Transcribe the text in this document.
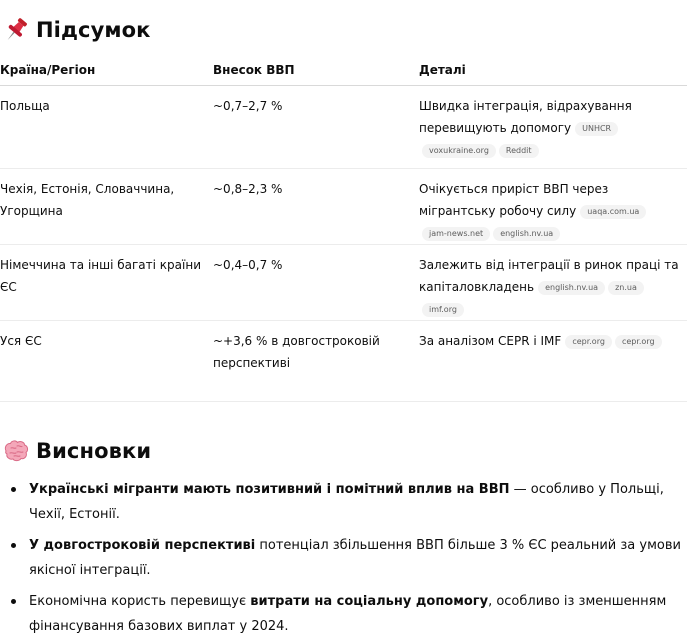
Підсумок
Країна/Регіон	Внесок ВВП	Деталі
Польща	~0,7–2,7 %	Швидка інтеграція, відрахування перевищують допомогу UNHCRvoxukraine.org Reddit
Чехія, Естонія, Словаччина, Угорщина	~0,8–2,3 %	Очікується приріст ВВП через мігрантську робочу силу uaqa.com.uajam-news.net english.nv.ua
Німеччина та інші багаті країни ЄС	~0,4–0,7 %	Залежить від інтеграції в ринок праці та капіталовкладень english.nv.ua zn.uaimf.org
Уся ЄС	~+3,6 % в довгостроковій перспективі	За аналізом CEPR і IMF cepr.org cepr.org
Висновки
Українські мігранти мають позитивний і помітний вплив на ВВП — особливо у Польщі, Чехії, Естонії.
У довгостроковій перспективі потенціал збільшення ВВП більше 3 % ЄС реальний за умови якісної інтеграції.
Економічна користь перевищує витрати на соціальну допомогу, особливо із зменшенням фінансування базових виплат у 2024.
